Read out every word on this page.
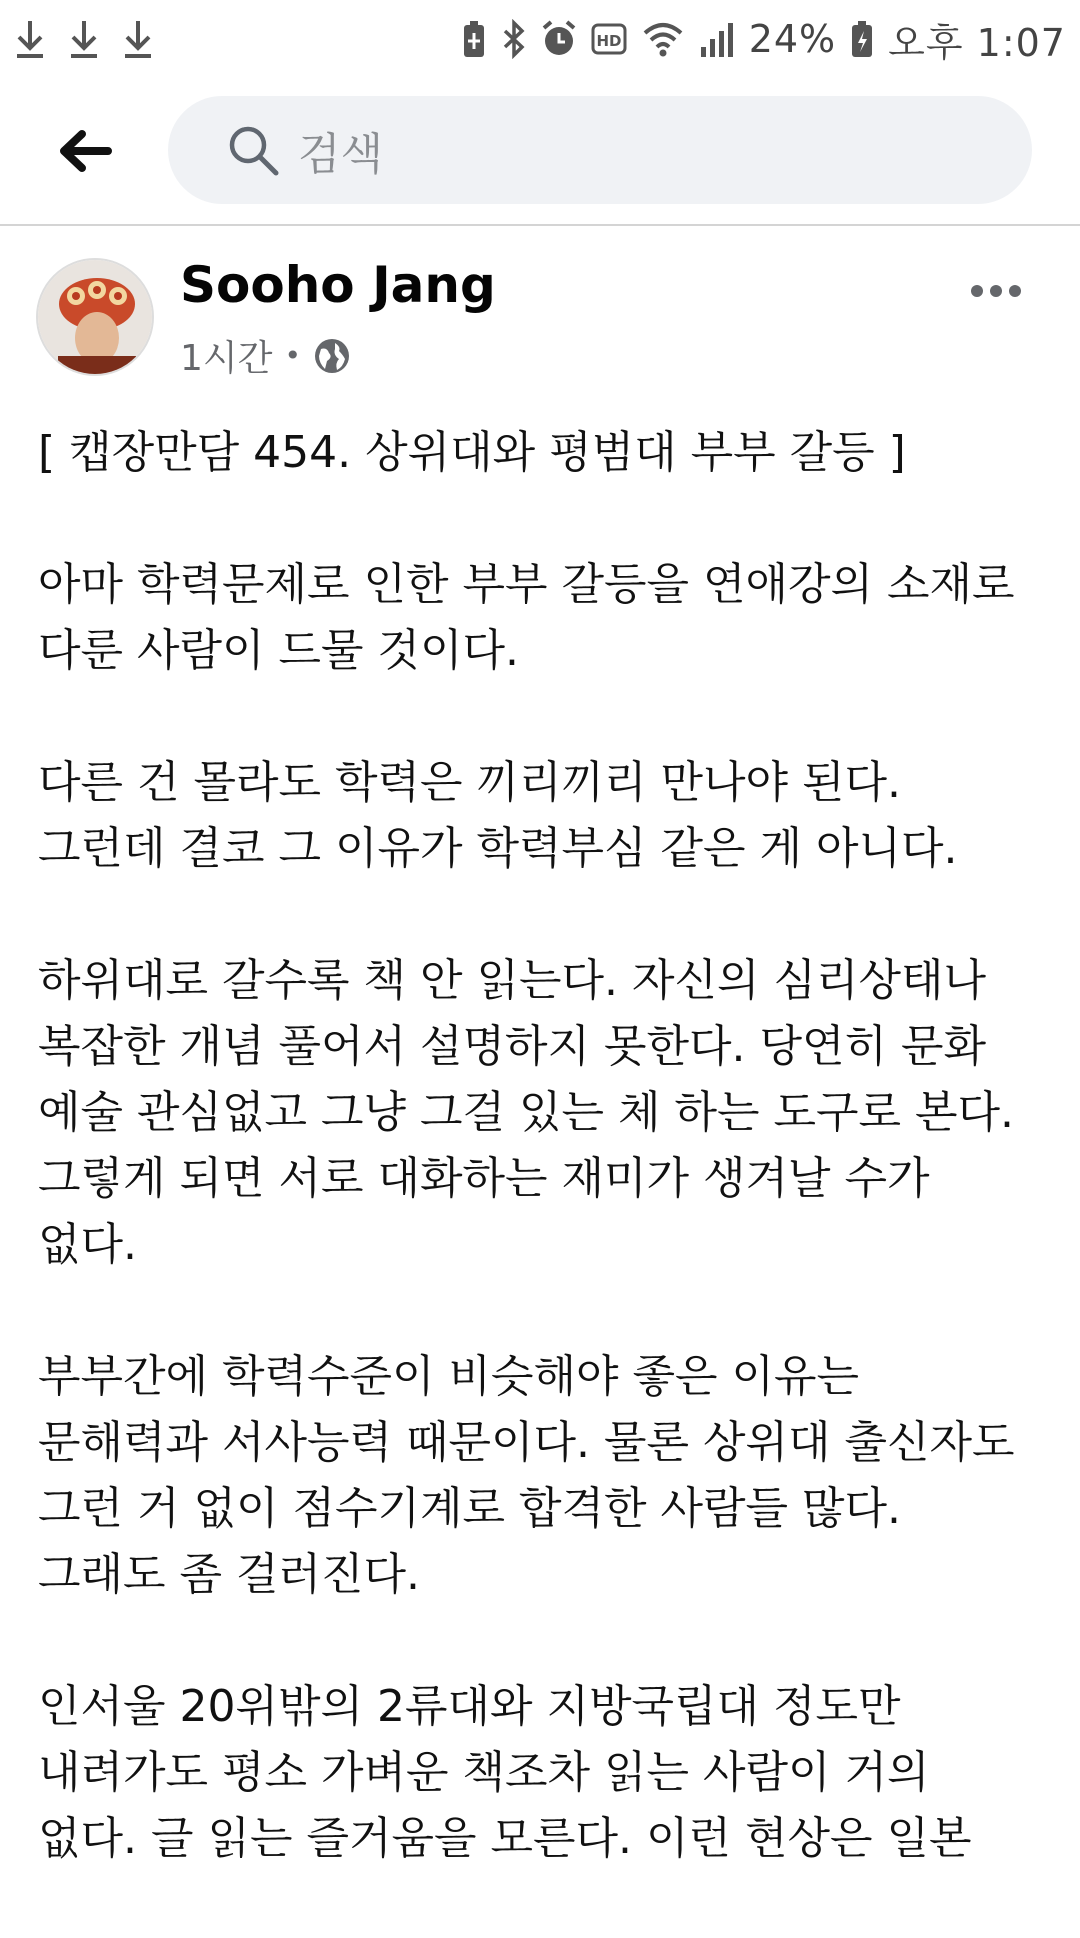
HD	24% 오후 1:07
검색
Sooho Jang
1시간 •

[ 캡장만담 454. 상위대와 평범대 부부 갈등 ]

아마 학력문제로 인한 부부 갈등을 연애강의 소재로
다룬 사람이 드물 것이다.

다른 건 몰라도 학력은 끼리끼리 만나야 된다.
그런데 결코 그 이유가 학력부심 같은 게 아니다.

하위대로 갈수록 책 안 읽는다. 자신의 심리상태나
복잡한 개념 풀어서 설명하지 못한다. 당연히 문화
예술 관심없고 그냥 그걸 있는 체 하는 도구로 본다.
그렇게 되면 서로 대화하는 재미가 생겨날 수가
없다.

부부간에 학력수준이 비슷해야 좋은 이유는
문해력과 서사능력 때문이다. 물론 상위대 출신자도
그런 거 없이 점수기계로 합격한 사람들 많다.
그래도 좀 걸러진다.

인서울 20위밖의 2류대와 지방국립대 정도만
내려가도 평소 가벼운 책조차 읽는 사람이 거의
없다. 글 읽는 즐거움을 모른다. 이런 현상은 일본
